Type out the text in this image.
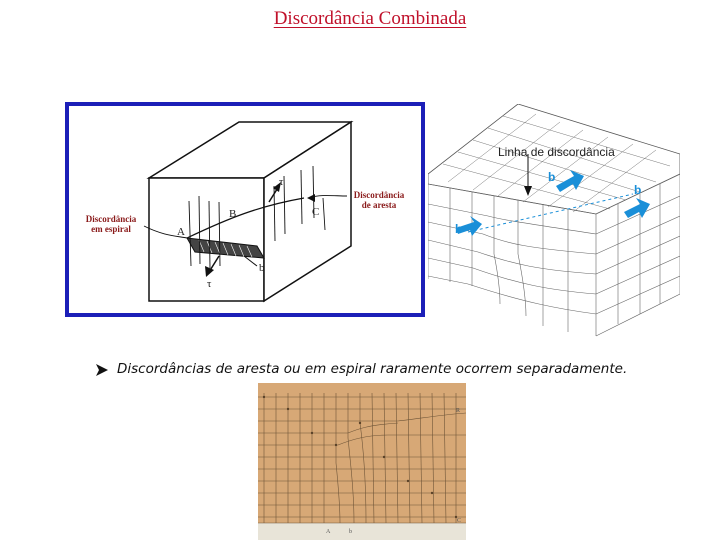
Discordância Combinada
Discordância
em espiral
Discordância
de aresta
τ
τ
A
B	C
b
Linha de discordância
b
b
b
Discordâncias de aresta ou em espiral raramente ocorrem separadamente.
A	b
C
R
